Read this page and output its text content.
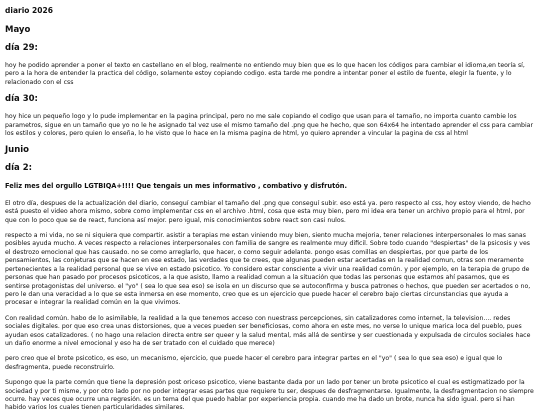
diario 2026
Mayo
día 29:

hoy he podido aprender a poner el texto en castellano en el blog, realmente no entiendo muy bien que es lo que hacen los códigos para cambiar el idioma,en teoría sí, pero a la hora de entender la practica del código, solamente estoy copiando codigo. esta tarde me pondre a intentar poner el estilo de fuente, elegir la fuente, y lo relacionado con el css

día 30:

hoy hice un pequeño logo y lo pude implementar en la pagina principal, pero no me sale copiando el codigo que usan para el tamaño, no importa cuanto cambie los parametros, sigue en un tamaño que yo no le he asignado tal vez use el mismo tamaño del .png que he hecho, que son 64x64 he intentado aprender el css para cambiar los estilos y colores, pero quien lo enseña, lo he visto que lo hace en la misma pagina de html, yo quiero aprender a vincular la pagina de css al html

Junio
día 2:

Feliz mes del orgullo LGTBIQA+!!!! Que tengais un mes informativo , combativo y disfrutón.

El otro día, despues de la actualización del diario, conseguí cambiar el tamaño del .png que conseguí subir. eso está ya. pero respecto al css, hoy estoy viendo, de hecho está puesto el video ahora mismo, sobre como implementar css en el archivo .html, cosa que esta muy bien, pero mi idea era tener un archivo propio para el html, por que con lo poco que se de react, funciona así mejor. pero igual, mis conocimientos sobre react son casi nulos.

respecto a mi vida, no se ni siquiera que compartir. asistir a terapias me estan viniendo muy bien, siento mucha mejoria, tener relaciones interpersonales lo mas sanas posibles ayuda mucho. A veces respecto a relaciones interpersonales con familia de sangre es realmente muy dificil. Sobre todo cuando "despiertas" de la psicosis y ves el destrozo emocional que has causado. no se como arreglarlo, que hacer, o como seguir adelante. pongo esas comillas en despiertas, por que parte de los pensamientos, las conjeturas que se hacen en ese estado, las verdades que te crees, que algunas pueden estar acertadas en la realidad comun, otras son meramente pertenecientes a la realidad personal que se vive en estado psicotico. Yo considero estar consciente a vivir una realidad común. y por ejemplo, en la terapia de grupo de personas que han pasado por procesos psicoticos, a la que asisto, llamo a realidad comun a la situación que todas las personas que estamos ahí pasamos, que es sentirse protagonistas del universo. el "yo" ( sea lo que sea eso) se isola en un discurso que se autoconfirma y busca patrones o hechos, que pueden ser acertados o no, pero le dan una veracidad a lo que se esta inmersa en ese momento, creo que es un ejercicio que puede hacer el cerebro bajo ciertas circunstancias que ayuda a procesar e integrar la realidad común en la que vivimos.

Con realidad común. habo de lo asimilable, la realidad a la que tenemos acceso con nuestrass percepciones, sin catalizadores como internet, la television.... redes sociales digitales. por que eso crea unas distorsiones, que a veces pueden ser beneficiosas, como ahora en este mes, no verse lo unique marica loca del pueblo, pues ayudan esos catalizadores. ( no hago una relacion directa entre ser queer y la salud mental, más allá de sentirse y ser cuestionada y expulsada de circulos sociales hace un daño enorme a nivel emocional y eso ha de ser tratado con el cuidado que merece)

pero creo que el brote psicotico, es eso, un mecanismo, ejercicio, que puede hacer el cerebro para integrar partes en el "yo" ( sea lo que sea eso) e igual que lo desfragmenta, puede reconstruirlo.

Supongo que la parte común que tiene la depresión post oriceso psicotico, viene bastante dada por un lado por tener un brote psicotico el cual es estigmatizado por la sociedad y por ti misme, y por otro lado por no poder integrar esas partes que requiere tu ser, despues de desfragmentarse. Igualmente, la desfragmentacion no siempre ocurre. hay veces que ocurre una regresión. es un tema del que puedo hablar por experiencia propia. cuando me ha dado un brote, nunca ha sido igual. pero si han habido varios los cuales tienen particularidades similares.
